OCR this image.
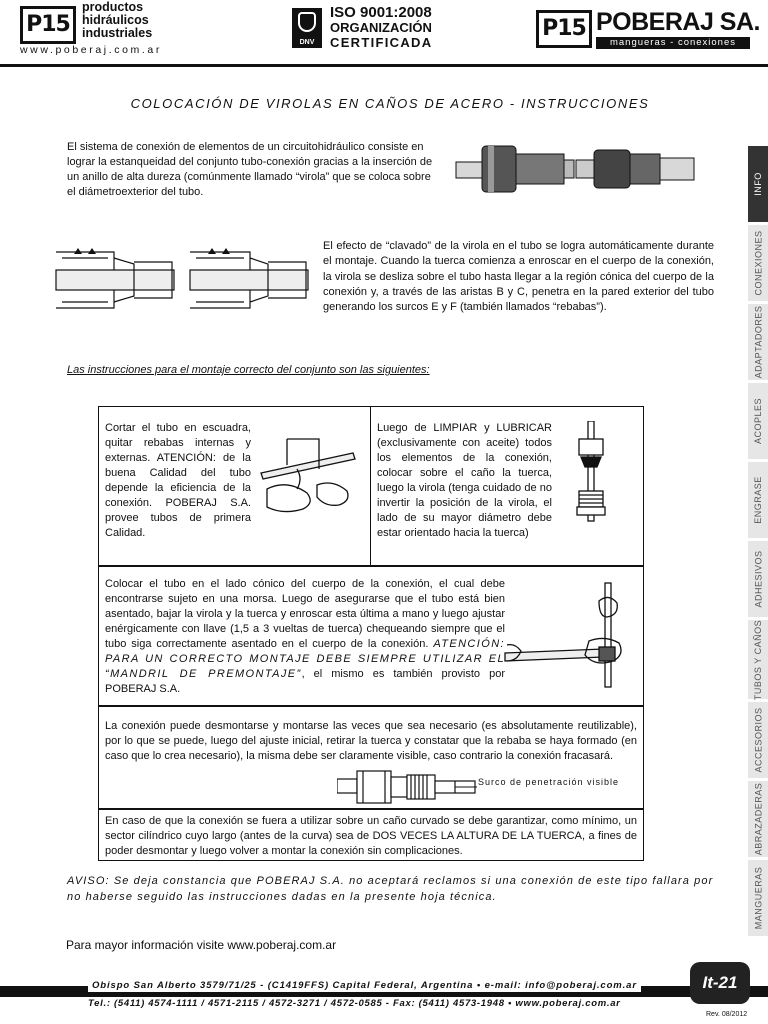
P15
productos
hidráulicos
industriales
www.poberaj.com.ar
DNV
ISO 9001:2008
ORGANIZACIÓN
CERTIFICADA
P15 POBERAJ SA.
mangueras - conexiones
COLOCACIÓN DE VIROLAS EN CAÑOS DE ACERO - INSTRUCCIONES
El sistema de conexión de elementos de un circuitohidráulico consiste en lograr la estanqueidad del conjunto tubo-conexión gracias a la inserción de un anillo de alta dureza (comúnmente llamado “virola” que se coloca sobre el diámetroexterior del tubo.
El efecto de “clavado” de la virola en el tubo se logra automáticamente durante el montaje. Cuando la tuerca comienza a enroscar en el cuerpo de la conexión, la virola se desliza sobre el tubo hasta llegar a la región cónica del cuerpo de la conexión y, a través de las aristas B y C, penetra en la pared exterior del tubo generando los surcos E y F (también llamados “rebabas”).
Las instrucciones para el montaje correcto del conjunto son las siguientes:

Cortar el tubo en escuadra, quitar rebabas internas y externas. ATENCIÓN: de la buena Calidad del tubo depende la eficiencia de la conexión. POBERAJ S.A. provee tubos de primera Calidad.

Luego de LIMPIAR y LUBRICAR (exclusivamente con aceite) todos los elementos de la conexión, colocar sobre el caño la tuerca, luego la virola (tenga cuidado de no invertir la posición de la virola, el lado de su mayor diámetro debe estar orientado hacia la tuerca)

Colocar el tubo en el lado cónico del cuerpo de la conexión, el cual debe encontrarse sujeto en una morsa. Luego de asegurarse que el tubo está bien asentado, bajar la virola y la tuerca y enroscar esta última a mano y luego ajustar enérgicamente con llave (1,5 a 3 vueltas de tuerca) chequeando siempre que el tubo siga correctamente asentado en el cuerpo de la conexión. ATENCIÓN: PARA UN CORRECTO MONTAJE DEBE SIEMPRE UTILIZAR EL “MANDRIL DE PREMONTAJE”, el mismo es también provisto por POBERAJ S.A.

La conexión puede desmontarse y montarse las veces que sea necesario (es absolutamente reutilizable), por lo que se puede, luego del ajuste inicial, retirar la tuerca y constatar que la rebaba se haya formado (en caso que lo crea necesario), la misma debe ser claramente visible, caso contrario la conexión fracasará.

Surco de penetración visible

En caso de que la conexión se fuera a utilizar sobre un caño curvado se debe garantizar, como mínimo, un sector cilíndrico cuyo largo (antes de la curva) sea de DOS VECES LA ALTURA DE LA TUERCA, a fines de poder desmontar y luego volver a montar la conexión sin complicaciones.

AVISO: Se deja constancia que POBERAJ S.A. no aceptará reclamos si una conexión de este tipo fallara por no haberse seguido las instrucciones dadas en la presente hoja técnica.
Para mayor información visite www.poberaj.com.ar
INFO
CONEXIONES
ADAPTADORES
ACOPLES
ENGRASE
ADHESIVOS
TUBOS Y CAÑOS
ACCESORIOS
ABRAZADERAS
MANGUERAS
Obispo San Alberto 3579/71/25 - (C1419FFS) Capital Federal, Argentina • e-mail: info@poberaj.com.ar
Tel.: (5411) 4574-1111 / 4571-2115 / 4572-3271 / 4572-0585 - Fax: (5411) 4573-1948 • www.poberaj.com.ar
It-21
Rev. 08/2012
